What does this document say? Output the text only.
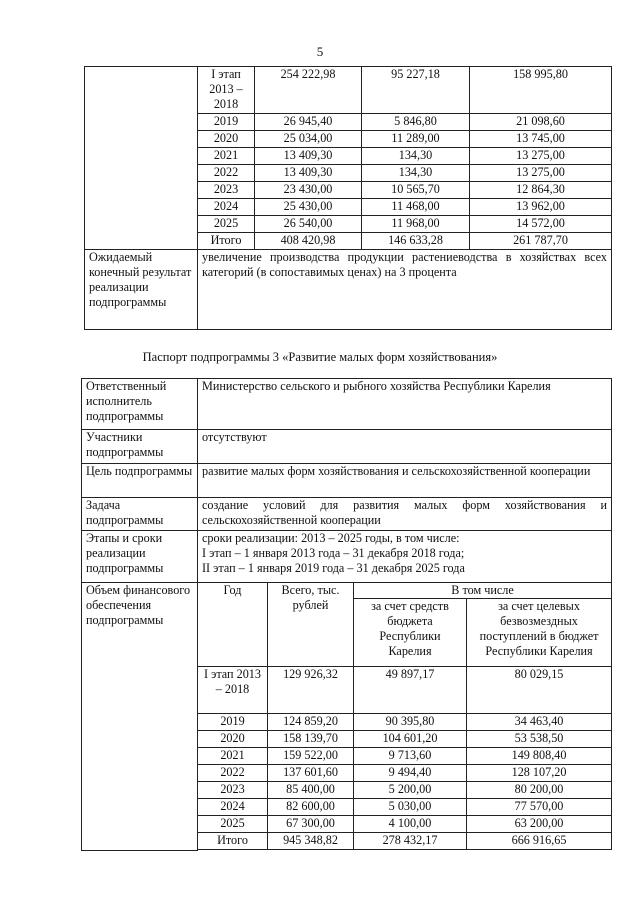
5
	I этап 2013 – 2018	254 222,98	95 227,18	158 995,80
	2019	26 945,40	5 846,80	21 098,60
	2020	25 034,00	11 289,00	13 745,00
	2021	13 409,30	134,30	13 275,00
	2022	13 409,30	134,30	13 275,00
	2023	23 430,00	10 565,70	12 864,30
	2024	25 430,00	11 468,00	13 962,00
	2025	26 540,00	11 968,00	14 572,00
	Итого	408 420,98	146 633,28	261 787,70
Ожидаемый конечный результат реализации подпрограммы	увеличение производства продукции растениеводства в хозяйствах всех категорий (в сопоставимых ценах) на 3 процента			
Паспорт подпрограммы 3 «Развитие малых форм хозяйствования»
Ответственный исполнитель подпрограммы	Министерство сельского и рыбного хозяйства Республики Карелия			
Участники подпрограммы	отсутствуют			
Цель подпрограммы	развитие малых форм хозяйствования и сельскохозяйственной кооперации			
Задача подпрограммы	создание условий для развития малых форм хозяйствования и сельскохозяйственной кооперации			
Этапы и сроки реализации подпрограммы	сроки реализации: 2013 – 2025 годы, в том числе:
I этап – 1 января 2013 года – 31 декабря 2018 года;
II этап – 1 января 2019 года – 31 декабря 2025 года			

Объем финансового обеспечения подпрограммы	Год	Всего, тыс. рублей	В том числе	
			за счет средств бюджета Республики Карелия	за счет целевых безвозмездных поступлений в бюджет Республики Карелия
	I этап 2013 – 2018	129 926,32	49 897,17	80 029,15
	2019	124 859,20	90 395,80	34 463,40
	2020	158 139,70	104 601,20	53 538,50
	2021	159 522,00	9 713,60	149 808,40
	2022	137 601,60	9 494,40	128 107,20
	2023	85 400,00	5 200,00	80 200,00
	2024	82 600,00	5 030,00	77 570,00
	2025	67 300,00	4 100,00	63 200,00
	Итого	945 348,82	278 432,17	666 916,65
